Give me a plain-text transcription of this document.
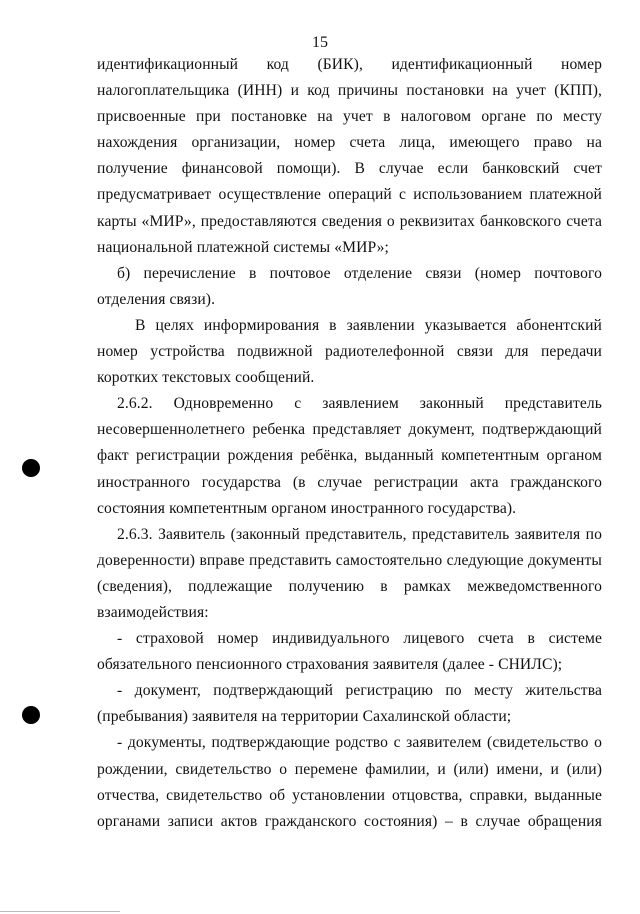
15

идентификационный код (БИК), идентификационный номер налогоплательщика (ИНН) и код причины постановки на учет (КПП), присвоенные при постановке на учет в налоговом органе по месту нахождения организации, номер счета лица, имеющего право на получение финансовой помощи). В случае если банковский счет предусматривает осуществление операций с использованием платежной карты «МИР», предоставляются сведения о реквизитах банковского счета национальной платежной системы «МИР»;

б) перечисление в почтовое отделение связи (номер почтового отделения связи).

В целях информирования в заявлении указывается абонентский номер устройства подвижной радиотелефонной связи для передачи коротких текстовых сообщений.

2.6.2. Одновременно с заявлением законный представитель несовершеннолетнего ребенка представляет документ, подтверждающий факт регистрации рождения ребёнка, выданный компетентным органом иностранного государства (в случае регистрации акта гражданского состояния компетентным органом иностранного государства).

2.6.3. Заявитель (законный представитель, представитель заявителя по доверенности) вправе представить самостоятельно следующие документы (сведения), подлежащие получению в рамках межведомственного взаимодействия:

- страховой номер индивидуального лицевого счета в системе обязательного пенсионного страхования заявителя (далее - СНИЛС);

- документ, подтверждающий регистрацию по месту жительства (пребывания) заявителя на территории Сахалинской области;

- документы, подтверждающие родство с заявителем (свидетельство о рождении, свидетельство о перемене фамилии, и (или) имени, и (или) отчества, свидетельство об установлении отцовства, справки, выданные органами записи актов гражданского состояния) – в случае обращения
